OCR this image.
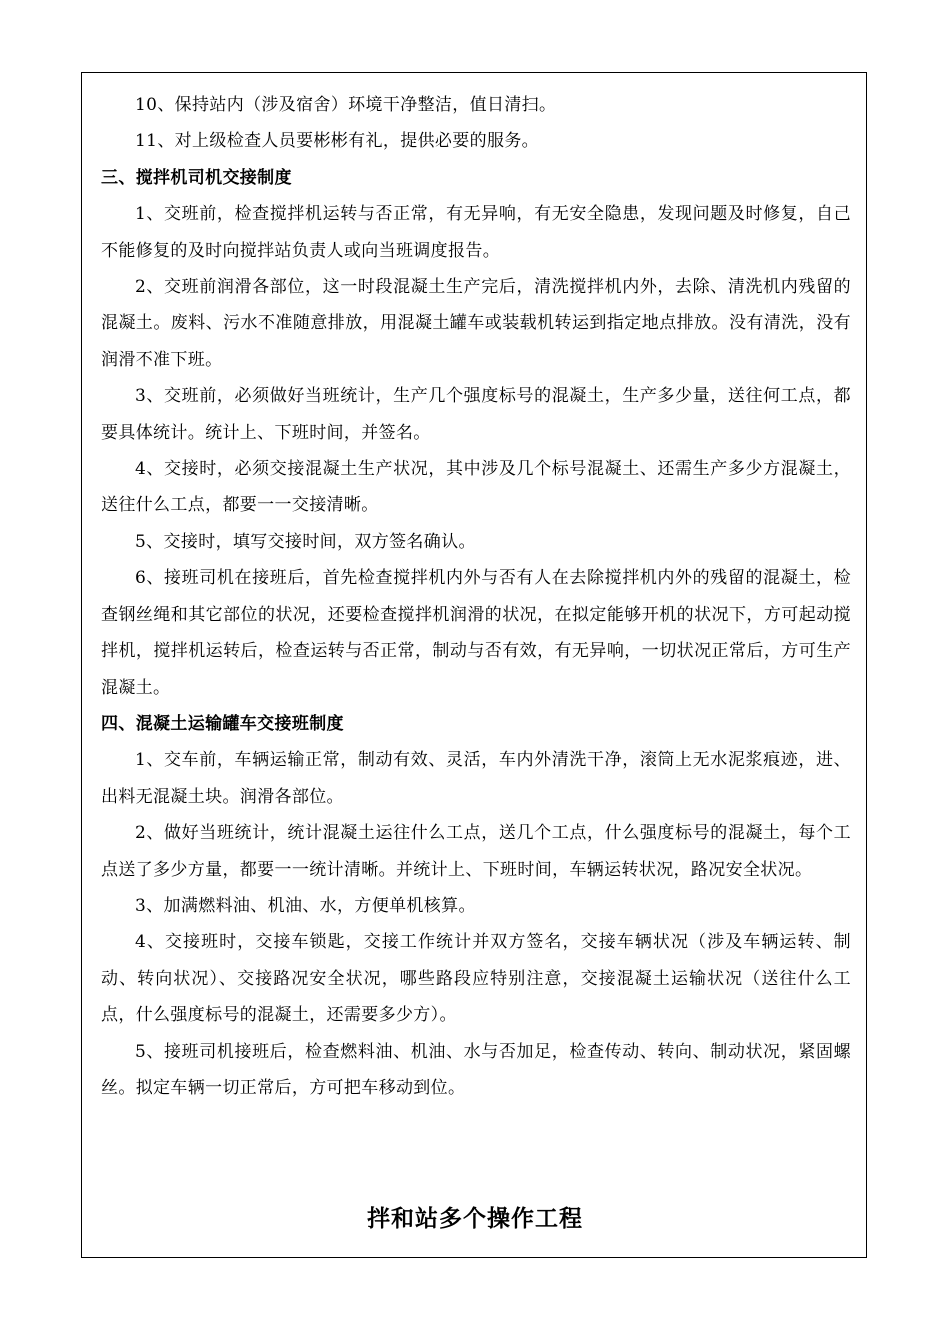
10、保持站内（涉及宿舍）环境干净整洁，值日清扫。

11、对上级检查人员要彬彬有礼，提供必要的服务。

三、搅拌机司机交接制度

1、交班前，检查搅拌机运转与否正常，有无异响，有无安全隐患，发现问题及时修复，自己不能修复的及时向搅拌站负责人或向当班调度报告。

2、交班前润滑各部位，这一时段混凝土生产完后，清洗搅拌机内外，去除、清洗机内残留的混凝土。废料、污水不准随意排放，用混凝土罐车或装载机转运到指定地点排放。没有清洗，没有润滑不准下班。

3、交班前，必须做好当班统计，生产几个强度标号的混凝土，生产多少量，送往何工点，都要具体统计。统计上、下班时间，并签名。

4、交接时，必须交接混凝土生产状况，其中涉及几个标号混凝土、还需生产多少方混凝土，送往什么工点，都要一一交接清晰。

5、交接时，填写交接时间，双方签名确认。

6、接班司机在接班后，首先检查搅拌机内外与否有人在去除搅拌机内外的残留的混凝土，检查钢丝绳和其它部位的状况，还要检查搅拌机润滑的状况，在拟定能够开机的状况下，方可起动搅拌机，搅拌机运转后，检查运转与否正常，制动与否有效，有无异响，一切状况正常后，方可生产混凝土。

四、混凝土运输罐车交接班制度

1、交车前，车辆运输正常，制动有效、灵活，车内外清洗干净，滚筒上无水泥浆痕迹，进、出料无混凝土块。润滑各部位。

2、做好当班统计，统计混凝土运往什么工点，送几个工点，什么强度标号的混凝土，每个工点送了多少方量，都要一一统计清晰。并统计上、下班时间，车辆运转状况，路况安全状况。

3、加满燃料油、机油、水，方便单机核算。

4、交接班时，交接车锁匙，交接工作统计并双方签名，交接车辆状况（涉及车辆运转、制动、转向状况）、交接路况安全状况，哪些路段应特别注意，交接混凝土运输状况（送往什么工点，什么强度标号的混凝土，还需要多少方）。

5、接班司机接班后，检查燃料油、机油、水与否加足，检查传动、转向、制动状况，紧固螺丝。拟定车辆一切正常后，方可把车移动到位。

拌和站多个操作工程
